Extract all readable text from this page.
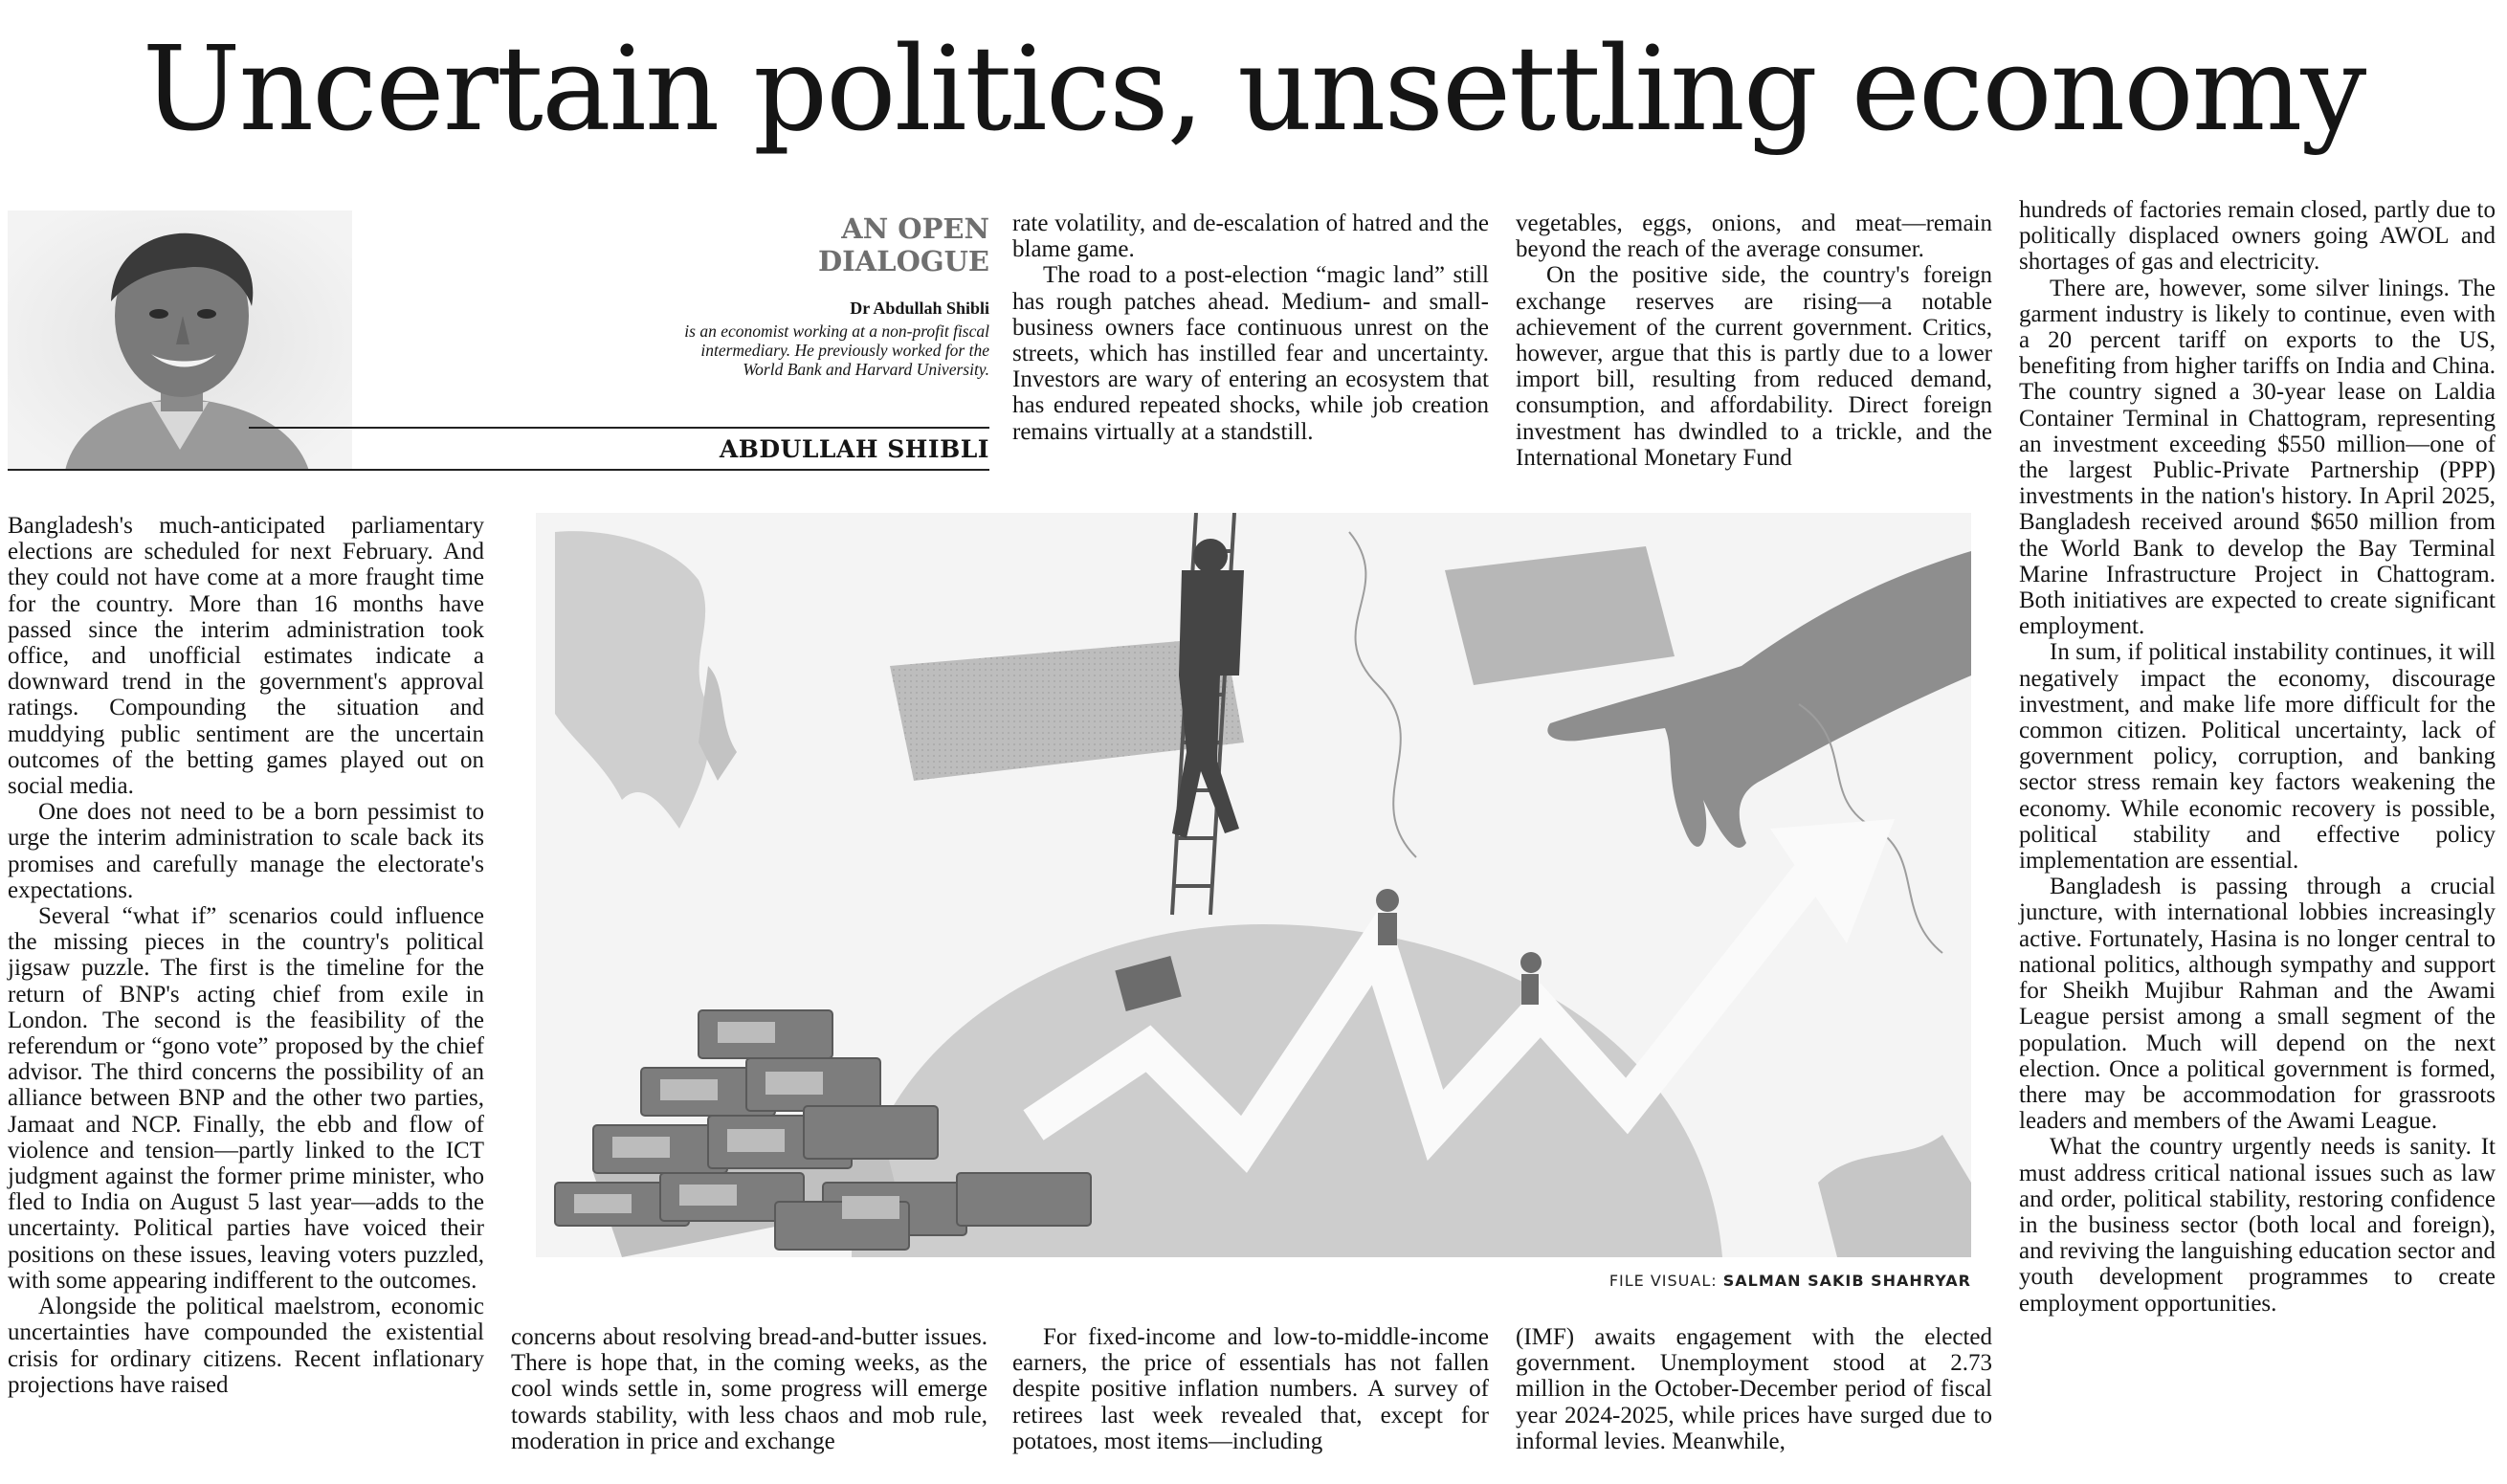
Uncertain politics, unsettling economy
AN OPEN
DIALOGUE
Dr Abdullah Shibli
is an economist working at a non-profit fiscal
intermediary. He previously worked for the
World Bank and Harvard University.
ABDULLAH SHIBLI

Bangladesh's much-anticipated parliamentary elections are scheduled for next February. And they could not have come at a more fraught time for the country. More than 16 months have passed since the interim administration took office, and unofficial estimates indicate a downward trend in the government's approval ratings. Compounding the situation and muddying public sentiment are the uncertain outcomes of the betting games played out on social media.

One does not need to be a born pessimist to urge the interim administration to scale back its promises and carefully manage the electorate's expectations.

Several “what if” scenarios could influence the missing pieces in the country's political jigsaw puzzle. The first is the timeline for the return of BNP's acting chief from exile in London. The second is the feasibility of the referendum or “gono vote” proposed by the chief advisor. The third concerns the possibility of an alliance between BNP and the other two parties, Jamaat and NCP. Finally, the ebb and flow of violence and tension—partly linked to the ICT judgment against the former prime minister, who fled to India on August 5 last year—adds to the uncertainty. Political parties have voiced their positions on these issues, leaving voters puzzled, with some appearing indifferent to the outcomes.

Alongside the political maelstrom, economic uncertainties have compounded the existential crisis for ordinary citizens. Recent inflationary projections have raised

rate volatility, and de-escalation of hatred and the blame game.

The road to a post-election “magic land” still has rough patches ahead. Medium- and small-business owners face continuous unrest on the streets, which has instilled fear and uncertainty. Investors are wary of entering an ecosystem that has endured repeated shocks, while job creation remains virtually at a standstill.

vegetables, eggs, onions, and meat—remain beyond the reach of the average consumer.

On the positive side, the country's foreign exchange reserves are rising—a notable achievement of the current government. Critics, however, argue that this is partly due to a lower import bill, resulting from reduced demand, consumption, and affordability. Direct foreign investment has dwindled to a trickle, and the International Monetary Fund

hundreds of factories remain closed, partly due to politically displaced owners going AWOL and shortages of gas and electricity.

There are, however, some silver linings. The garment industry is likely to continue, even with a 20 percent tariff on exports to the US, benefiting from higher tariffs on India and China. The country signed a 30-year lease on Laldia Container Terminal in Chattogram, representing an investment exceeding $550 million—one of the largest Public-Private Partnership (PPP) investments in the nation's history. In April 2025, Bangladesh received around $650 million from the World Bank to develop the Bay Terminal Marine Infrastructure Project in Chattogram. Both initiatives are expected to create significant employment.

In sum, if political instability continues, it will negatively impact the economy, discourage investment, and make life more difficult for the common citizen. Political uncertainty, lack of government policy, corruption, and banking sector stress remain key factors weakening the economy. While economic recovery is possible, political stability and effective policy implementation are essential.

Bangladesh is passing through a crucial juncture, with international lobbies increasingly active. Fortunately, Hasina is no longer central to national politics, although sympathy and support for Sheikh Mujibur Rahman and the Awami League persist among a small segment of the population. Much will depend on the next election. Once a political government is formed, there may be accommodation for grassroots leaders and members of the Awami League.

What the country urgently needs is sanity. It must address critical national issues such as law and order, political stability, restoring confidence in the business sector (both local and foreign), and reviving the languishing education sector and youth development programmes to create employment opportunities.

FILE VISUAL: SALMAN SAKIB SHAHRYAR

concerns about resolving bread-and-butter issues. There is hope that, in the coming weeks, as the cool winds settle in, some progress will emerge towards stability, with less chaos and mob rule, moderation in price and exchange

For fixed-income and low-to-middle-income earners, the price of essentials has not fallen despite positive inflation numbers. A survey of retirees last week revealed that, except for potatoes, most items—including

(IMF) awaits engagement with the elected government. Unemployment stood at 2.73 million in the October-December period of fiscal year 2024-2025, while prices have surged due to informal levies. Meanwhile,
